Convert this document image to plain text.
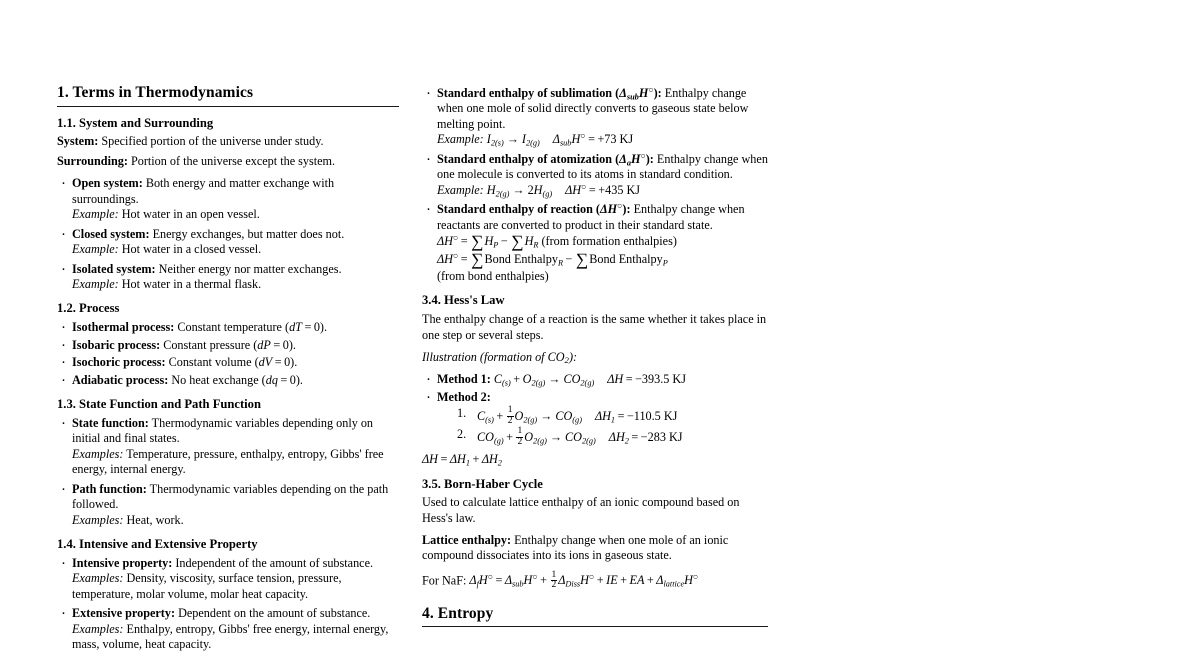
1. Terms in Thermodynamics
1.1. System and Surrounding

System: Specified portion of the universe under study.

Surrounding: Portion of the universe except the system.

· Open system: Both energy and matter exchange with surroundings.
Example: Hot water in an open vessel.
· Closed system: Energy exchanges, but matter does not.
Example: Hot water in a closed vessel.
· Isolated system: Neither energy nor matter exchanges.
Example: Hot water in a thermal flask.
1.2. Process
· Isothermal process: Constant temperature (dT = 0).
· Isobaric process: Constant pressure (dP = 0).
· Isochoric process: Constant volume (dV = 0).
· Adiabatic process: No heat exchange (dq = 0).
1.3. State Function and Path Function
· State function: Thermodynamic variables depending only on initial and final states.
Examples: Temperature, pressure, enthalpy, entropy, Gibbs' free energy, internal energy.
· Path function: Thermodynamic variables depending on the path followed.
Examples: Heat, work.
1.4. Intensive and Extensive Property
· Intensive property: Independent of the amount of substance.
Examples: Density, viscosity, surface tension, pressure, temperature, molar volume, molar heat capacity.
· Extensive property: Dependent on the amount of substance.
Examples: Enthalpy, entropy, Gibbs' free energy, internal energy, mass, volume, heat capacity.
· Standard enthalpy of sublimation $(\Delta_{sub}H^○)$: Enthalpy change when one mole of solid directly converts to gaseous state below melting point.
Example: $I_{2(s)} \to I_{2(g)}$ $\Delta_{sub}H^○ = +73$ KJ
· Standard enthalpy of atomization $(\Delta_aH^○)$: Enthalpy change when one molecule is converted to its atoms in standard condition.
Example: $H_{2(g)} \to 2H_{(g)}$ ΔH○ = +435 KJ
· Standard enthalpy of reaction (ΔH○): Enthalpy change when reactants are converted to product in their standard state.
$\Delta H^○ = \sum H_P - \sum H_R$ (from formation enthalpies)
ΔH○ = ∑Bond Enthalpy$_R$ − ∑Bond Enthalpy$_P$
(from bond enthalpies)
3.4. Hess's Law

The enthalpy change of a reaction is the same whether it takes place in one step or several steps.

Illustration (formation of $CO_2$):

· Method 1: $C_{(s)} + O_{2(g)} \to CO_{2(g)}$ ΔH = −393.5 KJ
· Method 2:
$C_{(s)} + \frac{1}{2} O_{2(g)} \to CO_{(g)}$ $\Delta H_1 = -110.5$ KJ
$CO_{(g)} + \frac{1}{2} O_{2(g)} \to CO_{2(g)}$ $\Delta H_2 = -283$ KJ
$\Delta H = \Delta H_1 + \Delta H_2$
3.5. Born-Haber Cycle

Used to calculate lattice enthalpy of an ionic compound based on Hess's law.

Lattice enthalpy: Enthalpy change when one mole of an ionic compound dissociates into its ions in gaseous state.

For NaF: $\Delta_fH^○ = \Delta_{sub}H^○ + \frac{1}{2} \Delta_{Diss}H^○$ + IE + EA + $\Delta_{lattice}H^○$

4. Entropy
